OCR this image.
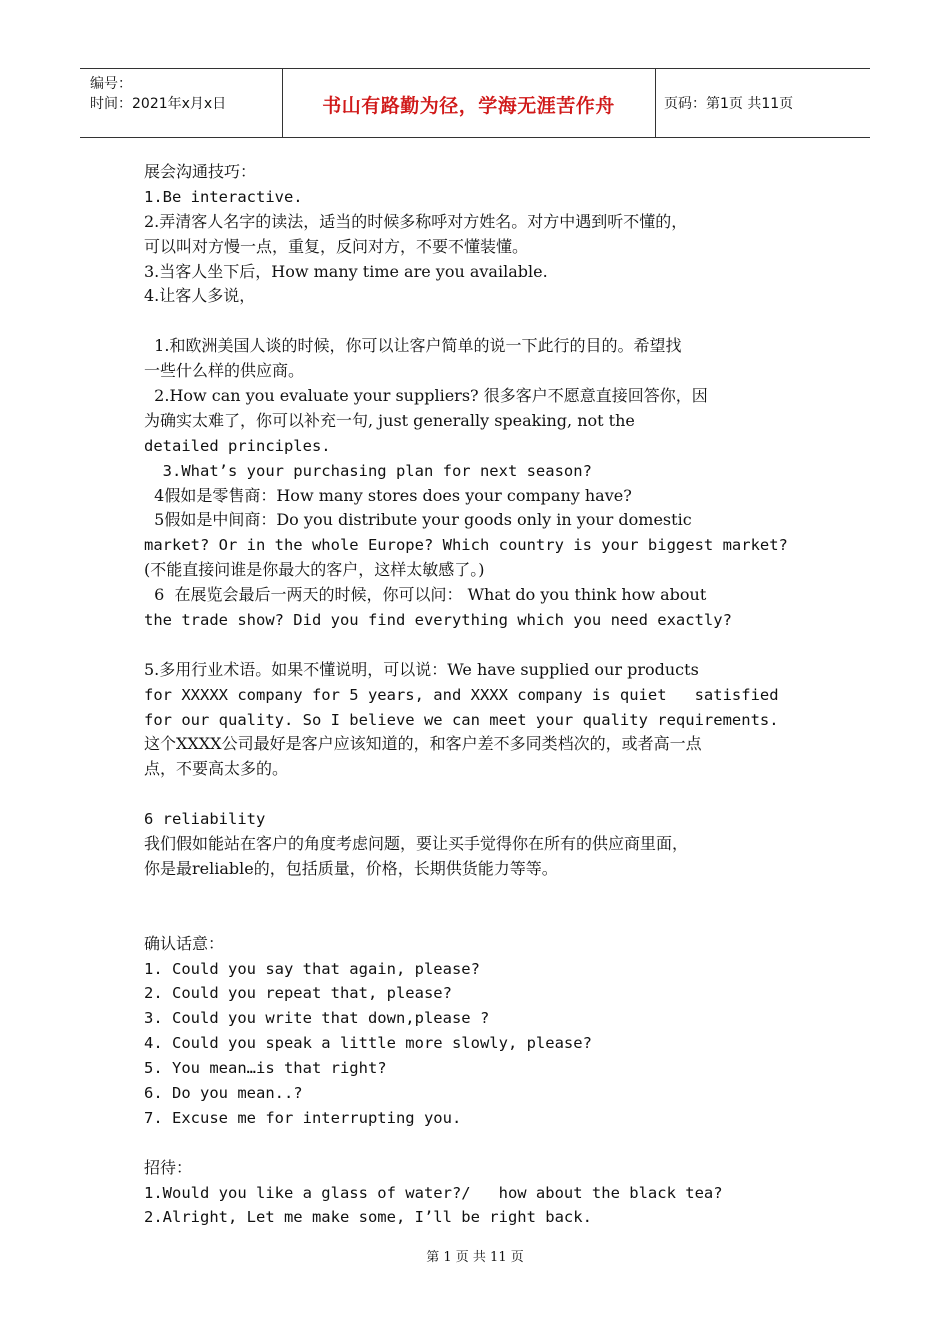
编号：
时间：2021年x月x日	书山有路勤为径，学海无涯苦作舟	页码：第1页 共11页
展会沟通技巧：
1.Be interactive.
2.弄清客人名字的读法，适当的时候多称呼对方姓名。对方中遇到听不懂的，
可以叫对方慢一点，重复，反问对方，不要不懂装懂。
3.当客人坐下后，How many time are you available.
4.让客人多说，

1.和欧洲美国人谈的时候，你可以让客户简单的说一下此行的目的。希望找
一些什么样的供应商。
2.How can you evaluate your suppliers? 很多客户不愿意直接回答你，因
为确实太难了，你可以补充一句, just generally speaking, not the
detailed principles.
3.What’s your purchasing plan for next season?
4假如是零售商：How many stores does your company have?
5假如是中间商：Do you distribute your goods only in your domestic
market? Or in the whole Europe? Which country is your biggest market?
(不能直接问谁是你最大的客户，这样太敏感了。)
6  在展览会最后一两天的时候，你可以问： What do you think how about
the trade show? Did you find everything which you need exactly?

5.多用行业术语。如果不懂说明，可以说：We have supplied our products
for XXXXX company for 5 years, and XXXX company is quiet   satisfied
for our quality. So I believe we can meet your quality requirements.
这个XXXX公司最好是客户应该知道的，和客户差不多同类档次的，或者高一点
点，不要高太多的。

6 reliability
我们假如能站在客户的角度考虑问题，要让买手觉得你在所有的供应商里面，
你是最reliable的，包括质量，价格，长期供货能力等等。

确认话意：
1. Could you say that again, please?
2. Could you repeat that, please?
3. Could you write that down,please ?
4. Could you speak a little more slowly, please?
5. You mean…is that right?
6. Do you mean..?
7. Excuse me for interrupting you.

招待：
1.Would you like a glass of water?/   how about the black tea?
2.Alright, Let me make some, I’ll be right back.
第 1 页 共 11 页
